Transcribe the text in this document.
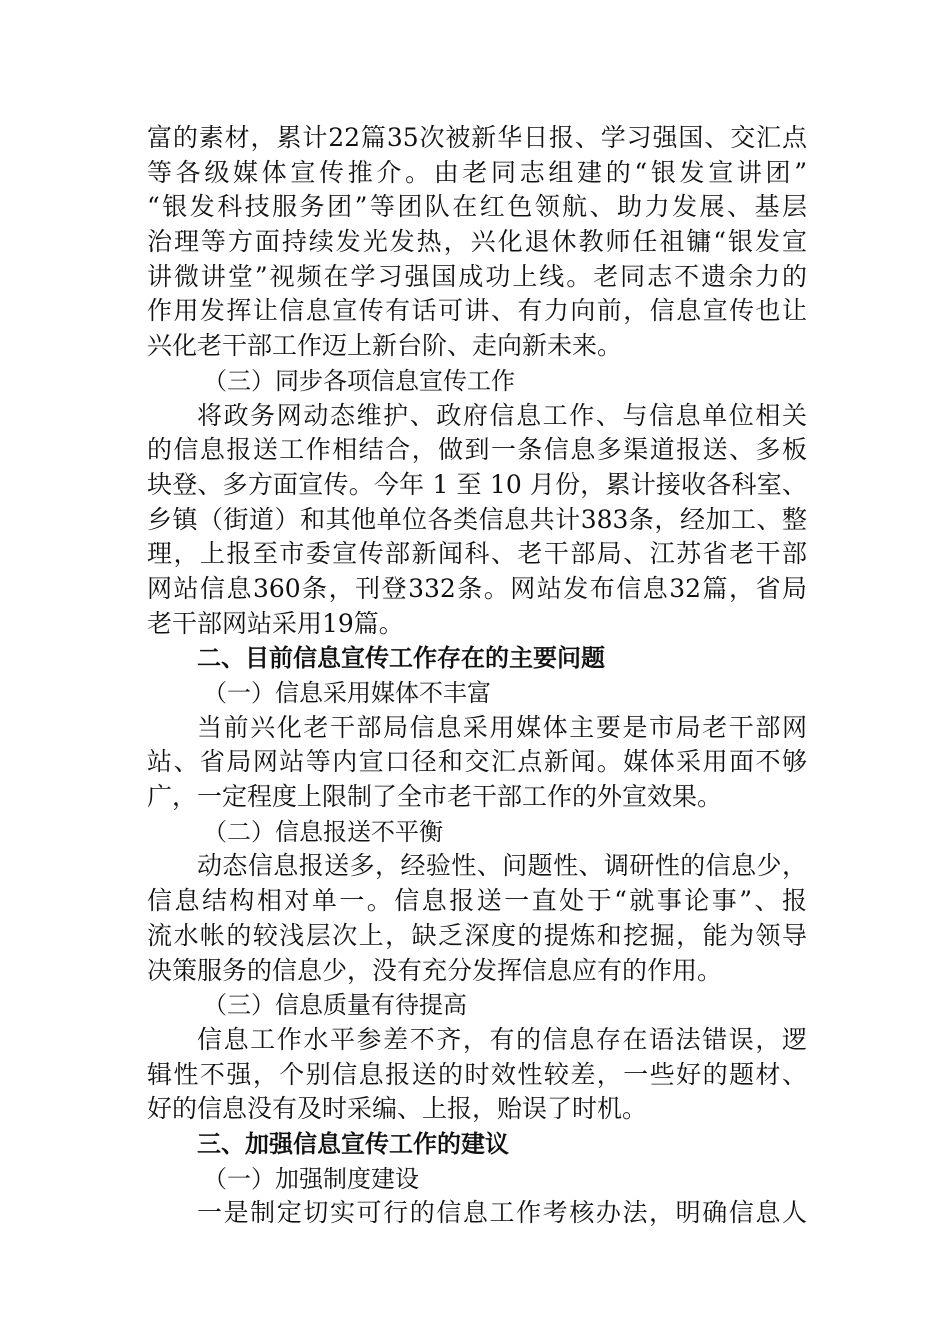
富的素材，累计22篇35次被新华日报、学习强国、交汇点
等各级媒体宣传推介。由老同志组建的“银发宣讲团”
“银发科技服务团”等团队在红色领航、助力发展、基层
治理等方面持续发光发热，兴化退休教师任祖镛“银发宣
讲微讲堂”视频在学习强国成功上线。老同志不遗余力的
作用发挥让信息宣传有话可讲、有力向前，信息宣传也让
兴化老干部工作迈上新台阶、走向新未来。
（三）同步各项信息宣传工作
将政务网动态维护、政府信息工作、与信息单位相关
的信息报送工作相结合，做到一条信息多渠道报送、多板
块登、多方面宣传。今年 1 至 10 月份，累计接收各科室、
乡镇（街道）和其他单位各类信息共计383条，经加工、整
理，上报至市委宣传部新闻科、老干部局、江苏省老干部
网站信息360条，刊登332条。网站发布信息32篇，省局
老干部网站采用19篇。
二、目前信息宣传工作存在的主要问题
（一）信息采用媒体不丰富
当前兴化老干部局信息采用媒体主要是市局老干部网
站、省局网站等内宣口径和交汇点新闻。媒体采用面不够
广，一定程度上限制了全市老干部工作的外宣效果。
（二）信息报送不平衡
动态信息报送多，经验性、问题性、调研性的信息少，
信息结构相对单一。信息报送一直处于“就事论事”、报
流水帐的较浅层次上，缺乏深度的提炼和挖掘，能为领导
决策服务的信息少，没有充分发挥信息应有的作用。
（三）信息质量有待提高
信息工作水平参差不齐，有的信息存在语法错误，逻
辑性不强，个别信息报送的时效性较差，一些好的题材、
好的信息没有及时采编、上报，贻误了时机。
三、加强信息宣传工作的建议
（一）加强制度建设
一是制定切实可行的信息工作考核办法，明确信息人
